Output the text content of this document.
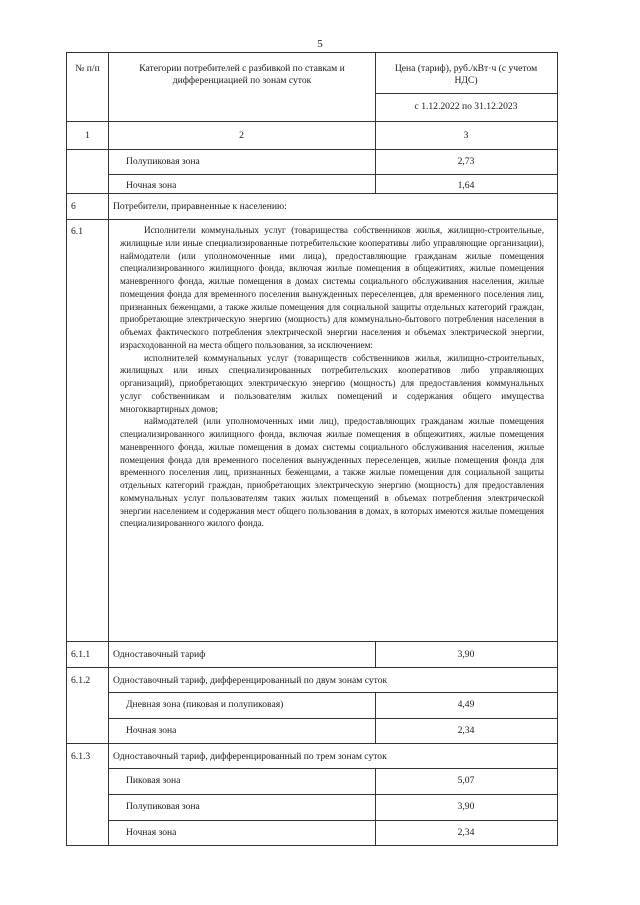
5
№ п/п	Категории потребителей с разбивкой по ставкам и дифференциацией по зонам суток
Цена (тариф), руб./кВт·ч (с учетом НДС)
с 1.12.2022 по 31.12.2023
1	2	3
Полупиковая зона	2,73
Ночная зона	1,64
6	Потребители, приравненные к населению:
6.1	Исполнители коммунальных услуг (товарищества собственников жилья, жилищно-строительные, жилищные или иные специализированные потребительские кооперативы либо управляющие организации), наймодатели (или уполномоченные ими лица), предоставляющие гражданам жилые помещения специализированного жилищного фонда, включая жилые помещения в общежитиях, жилые помещения маневренного фонда, жилые помещения в домах системы социального обслуживания населения, жилые помещения фонда для временного поселения вынужденных переселенцев, для временного поселения лиц, признанных беженцами, а также жилые помещения для социальной защиты отдельных категорий граждан, приобретающие электрическую энергию (мощность) для коммунально-бытового потребления населения в объемах фактического потребления электрической энергии населения и объемах электрической энергии, израсходованной на места общего пользования, за исключением:

исполнителей коммунальных услуг (товариществ собственников жилья, жилищно-строительных, жилищных или иных специализированных потребительских кооперативов либо управляющих организаций), приобретающих электрическую энергию (мощность) для предоставления коммунальных услуг собственникам и пользователям жилых помещений и содержания общего имущества многоквартирных домов;

наймодателей (или уполномоченных ими лиц), предоставляющих гражданам жилые помещения специализированного жилищного фонда, включая жилые помещения в общежитиях, жилые помещения маневренного фонда, жилые помещения в домах системы социального обслуживания населения, жилые помещения фонда для временного поселения вынужденных переселенцев, жилые помещения фонда для временного поселения лиц, признанных беженцами, а также жилые помещения для социальной защиты отдельных категорий граждан, приобретающих электрическую энергию (мощность) для предоставления коммунальных услуг пользователям таких жилых помещений в объемах потребления электрической энергии населением и содержания мест общего пользования в домах, в которых имеются жилые помещения специализированного жилого фонда.

6.1.1 Одноставочный тариф	3,90
6.1.2 Одноставочный тариф, дифференцированный по двум зонам суток
Дневная зона (пиковая и полупиковая)	4,49
Ночная зона	2,34
6.1.3 Одноставочный тариф, дифференцированный по трем зонам суток
Пиковая зона	5,07
Полупиковая зона	3,90
Ночная зона	2,34
